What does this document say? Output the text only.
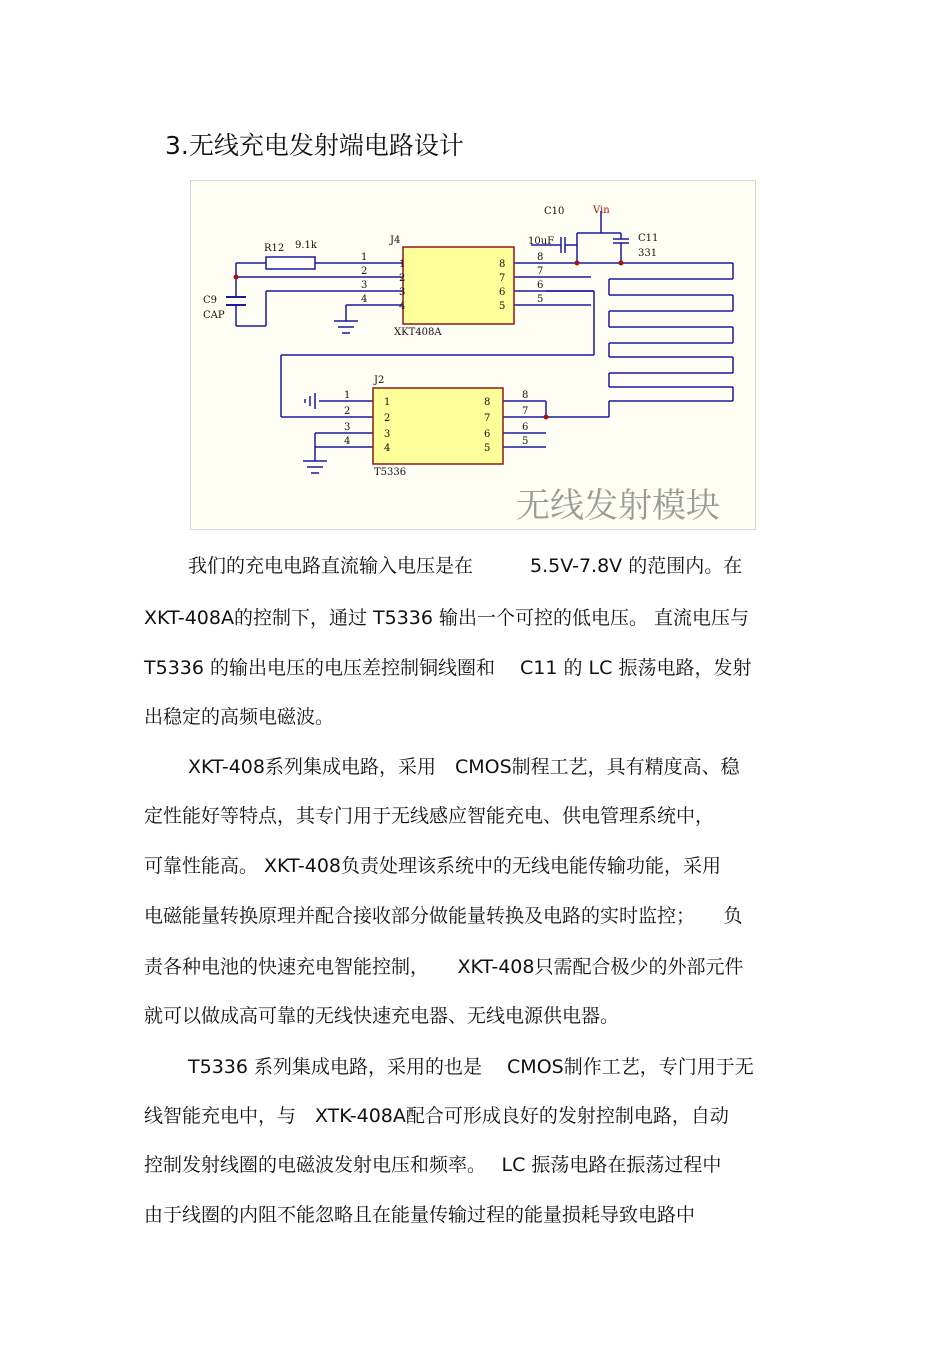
3.无线充电发射端电路设计
J4
XKT408A
J2
T5336
R12 9.1k
C9
CAP
C10
10uF	C11
331
Vin
1
2
3
4
8
7
6
5
1
2
3
4
8
7
6
5
1
2
3
4
8
7
6
5
1
2
3
4
8
7
6
5
无线发射模块
我们的充电电路直流输入电压是在　　　5.5V-7.8V 的范围内。在
XKT-408A的控制下，通过 T5336 输出一个可控的低电压。 直流电压与
T5336 的输出电压的电压差控制铜线圈和　 C11 的 LC 振荡电路，发射
出稳定的高频电磁波。
XKT-408系列集成电路，采用　CMOS制程工艺，具有精度高、稳
定性能好等特点，其专门用于无线感应智能充电、供电管理系统中，
可靠性能高。 XKT-408负责处理该系统中的无线电能传输功能，采用
电磁能量转换原理并配合接收部分做能量转换及电路的实时监控；　　负
责各种电池的快速充电智能控制，　　XKT-408只需配合极少的外部元件
就可以做成高可靠的无线快速充电器、无线电源供电器。
T5336 系列集成电路，采用的也是　 CMOS制作工艺，专门用于无
线智能充电中，与　XTK-408A配合可形成良好的发射控制电路，自动
控制发射线圈的电磁波发射电压和频率。　 LC 振荡电路在振荡过程中
由于线圈的内阻不能忽略且在能量传输过程的能量损耗导致电路中
